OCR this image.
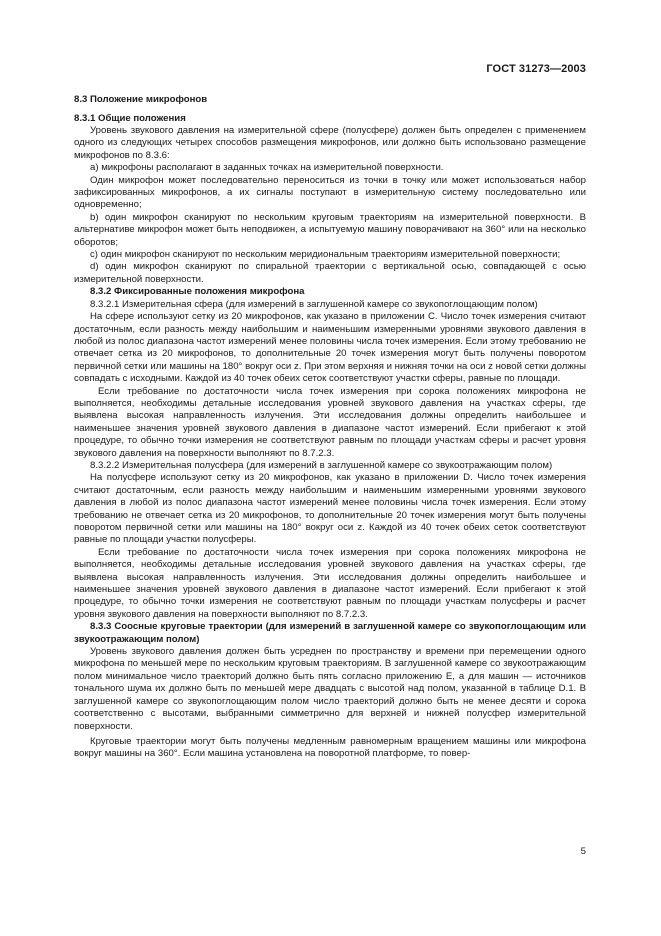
ГОСТ 31273—2003
8.3 Положение микрофонов
8.3.1 Общие положения

Уровень звукового давления на измерительной сфере (полусфере) должен быть определен с применением одного из следующих четырех способов размещения микрофонов, или должно быть использовано размещение микрофонов по 8.3.6:

а) микрофоны располагают в заданных точках на измерительной поверхности.

Один микрофон может последовательно переноситься из точки в точку или может использоваться набор зафиксированных микрофонов, а их сигналы поступают в измерительную систему последовательно или одновременно;

b) один микрофон сканируют по нескольким круговым траекториям на измерительной поверхности. В альтернативе микрофон может быть неподвижен, а испытуемую машину поворачивают на 360° или на несколько оборотов;

c) один микрофон сканируют по нескольким меридиональным траекториям измерительной поверхности;

d) один микрофон сканируют по спиральной траектории с вертикальной осью, совпадающей с осью измерительной поверхности.

8.3.2 Фиксированные положения микрофона

8.3.2.1 Измерительная сфера (для измерений в заглушенной камере со звукопоглощающим полом)

На сфере используют сетку из 20 микрофонов, как указано в приложении С. Число точек измерения считают достаточным, если разность между наибольшим и наименьшим измеренными уровнями звукового давления в любой из полос диапазона частот измерений менее половины числа точек измерения. Если этому требованию не отвечает сетка из 20 микрофонов, то дополнительные 20 точек измерения могут быть получены поворотом первичной сетки или машины на 180° вокруг оси z. При этом верхняя и нижняя точки на оси z новой сетки должны совпадать с исходными. Каждой из 40 точек обеих сеток соответствуют участки сферы, равные по площади.

Если требование по достаточности числа точек измерения при сорока положениях микрофона не выполняется, необходимы детальные исследования уровней звукового давления на участках сферы, где выявлена высокая направленность излучения. Эти исследования должны определить наибольшее и наименьшее значения уровней звукового давления в диапазоне частот измерений. Если прибегают к этой процедуре, то обычно точки измерения не соответствуют равным по площади участкам сферы и расчет уровня звукового давления на поверхности выполняют по 8.7.2.3.

8.3.2.2 Измерительная полусфера (для измерений в заглушенной камере со звукоотражающим полом)

На полусфере используют сетку из 20 микрофонов, как указано в приложении D. Число точек измерения считают достаточным, если разность между наибольшим и наименьшим измеренными уровнями звукового давления в любой из полос диапазона частот измерений менее половины числа точек измерения. Если этому требованию не отвечает сетка из 20 микрофонов, то дополнительные 20 точек измерения могут быть получены поворотом первичной сетки или машины на 180° вокруг оси z. Каждой из 40 точек обеих сеток соответствуют равные по площади участки полусферы.

Если требование по достаточности числа точек измерения при сорока положениях микрофона не выполняется, необходимы детальные исследования уровней звукового давления на участках сферы, где выявлена высокая направленность излучения. Эти исследования должны определить наибольшее и наименьшее значения уровней звукового давления в диапазоне частот измерений. Если прибегают к этой процедуре, то обычно точки измерения не соответствуют равным по площади участкам полусферы и расчет уровня звукового давления на поверхности выполняют по 8.7.2.3.

8.3.3 Соосные круговые траектории (для измерений в заглушенной камере со звукопоглощающим или звукоотражающим полом)

Уровень звукового давления должен быть усреднен по пространству и времени при перемещении одного микрофона по меньшей мере по нескольким круговым траекториям. В заглушенной камере со звукоотражающим полом минимальное число траекторий должно быть пять согласно приложению Е, а для машин — источников тонального шума их должно быть по меньшей мере двадцать с высотой над полом, указанной в таблице D.1. В заглушенной камере со звукопоглощающим полом число траекторий должно быть не менее десяти и сорока соответственно с высотами, выбранными симметрично для верхней и нижней полусфер измерительной поверхности.

Круговые траектории могут быть получены медленным равномерным вращением машины или микрофона вокруг машины на 360°. Если машина установлена на поворотной платформе, то повер-

5
